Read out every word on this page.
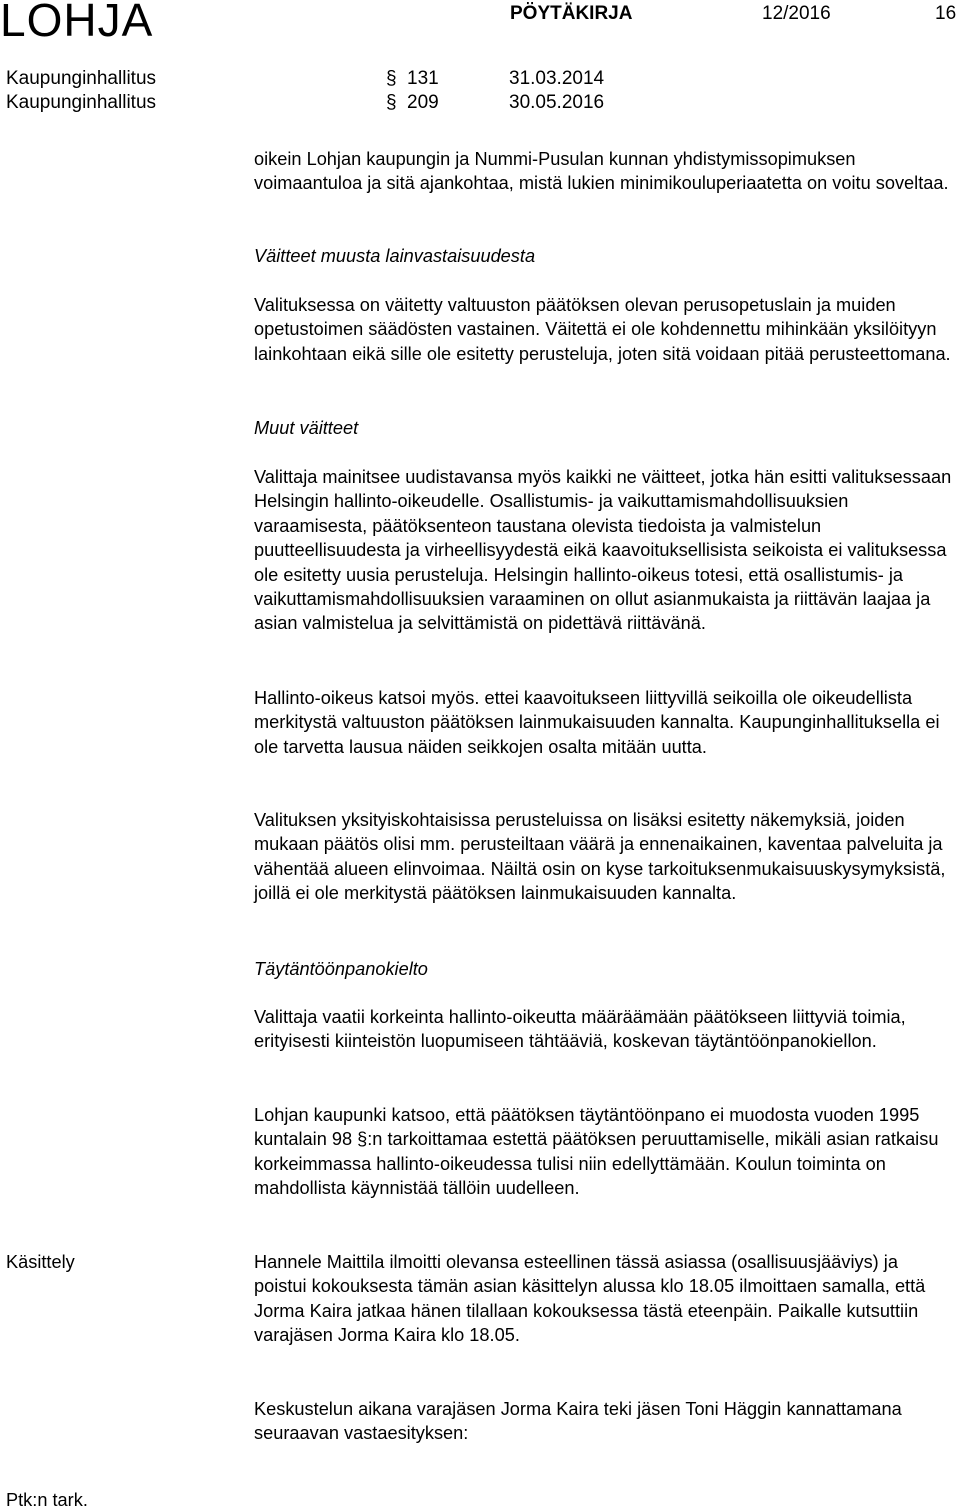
LOHJA	PÖYTÄKIRJA	12/2016	16
Kaupunginhallitus	§ 131	31.03.2014
Kaupunginhallitus	§ 209	30.05.2016

oikein Lohjan kaupungin ja Nummi-Pusulan kunnan yhdistymissopimuksen voimaantuloa ja sitä ajankohtaa, mistä lukien minimikouluperiaatetta on voitu soveltaa.

Väitteet muusta lainvastaisuudesta

Valituksessa on väitetty valtuuston päätöksen olevan perusopetuslain ja muiden opetustoimen säädösten vastainen. Väitettä ei ole kohdennettu mihinkään yksilöityyn lainkohtaan eikä sille ole esitetty perusteluja, joten sitä voidaan pitää perusteettomana.

Muut väitteet

Valittaja mainitsee uudistavansa myös kaikki ne väitteet, jotka hän esitti valituksessaan Helsingin hallinto-oikeudelle. Osallistumis- ja vaikuttamismahdollisuuksien varaamisesta, päätöksenteon taustana olevista tiedoista ja valmistelun puutteellisuudesta ja virheellisyydestä eikä kaavoituksellisista seikoista ei valituksessa ole esitetty uusia perusteluja. Helsingin hallinto-oikeus totesi, että osallistumis- ja vaikuttamismahdollisuuksien varaaminen on ollut asianmukaista ja riittävän laajaa ja asian valmistelua ja selvittämistä on pidettävä riittävänä.

Hallinto-oikeus katsoi myös. ettei kaavoitukseen liittyvillä seikoilla ole oikeudellista merkitystä valtuuston päätöksen lainmukaisuuden kannalta. Kaupunginhallituksella ei ole tarvetta lausua näiden seikkojen osalta mitään uutta.

Valituksen yksityiskohtaisissa perusteluissa on lisäksi esitetty näkemyksiä, joiden mukaan päätös olisi mm. perusteiltaan väärä ja ennenaikainen, kaventaa palveluita ja vähentää alueen elinvoimaa. Näiltä osin on kyse tarkoituksenmukaisuuskysymyksistä, joillä ei ole merkitystä päätöksen lainmukaisuuden kannalta.

Täytäntöönpanokielto

Valittaja vaatii korkeinta hallinto-oikeutta määräämään päätökseen liittyviä toimia, erityisesti kiinteistön luopumiseen tähtääviä, koskevan täytäntöönpanokiellon.

Lohjan kaupunki katsoo, että päätöksen täytäntöönpano ei muodosta vuoden 1995 kuntalain 98 §:n tarkoittamaa estettä päätöksen peruuttamiselle, mikäli asian ratkaisu korkeimmassa hallinto-oikeudessa tulisi niin edellyttämään. Koulun toiminta on mahdollista käynnistää tällöin uudelleen.

Käsittely	Hannele Maittila ilmoitti olevansa esteellinen tässä asiassa (osallisuusjääviys) ja poistui kokouksesta tämän asian käsittelyn alussa klo 18.05 ilmoittaen samalla, että Jorma Kaira jatkaa hänen tilallaan kokouksessa tästä eteenpäin. Paikalle kutsuttiin varajäsen Jorma Kaira klo 18.05.

Keskustelun aikana varajäsen Jorma Kaira teki jäsen Toni Häggin kannattamana seuraavan vastaesityksen:

Ptk:n tark.
